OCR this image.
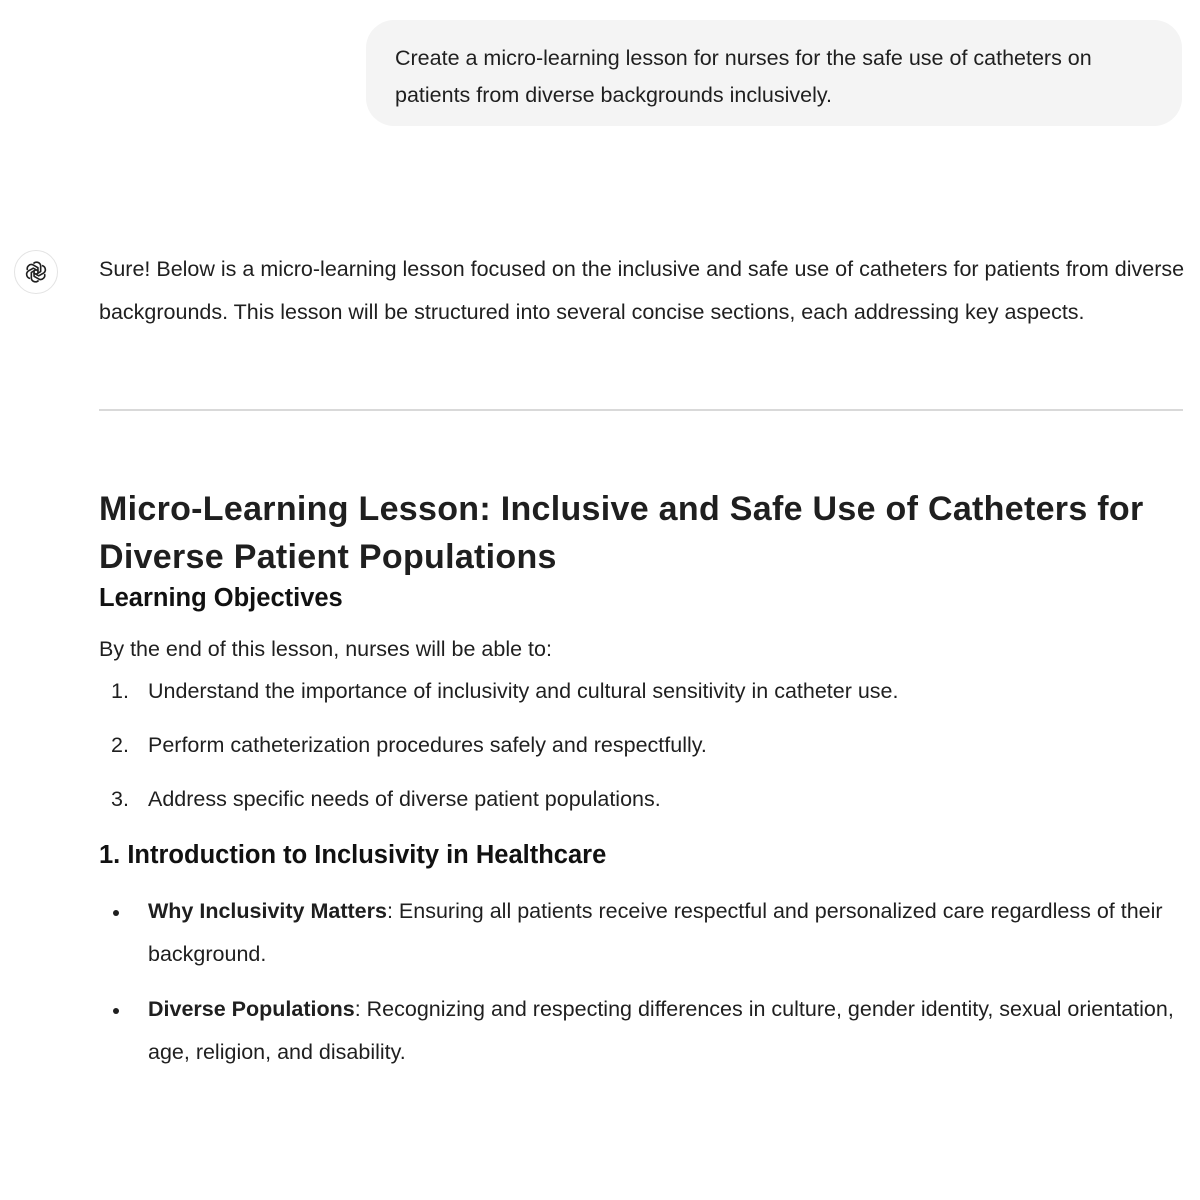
Create a micro-learning lesson for nurses for the safe use of catheters on patients from diverse backgrounds inclusively.

Sure! Below is a micro-learning lesson focused on the inclusive and safe use of catheters for patients from diverse backgrounds. This lesson will be structured into several concise sections, each addressing key aspects.

Micro-Learning Lesson: Inclusive and Safe Use of Catheters for Diverse Patient Populations
Learning Objectives

By the end of this lesson, nurses will be able to:

1. Understand the importance of inclusivity and cultural sensitivity in catheter use.
2. Perform catheterization procedures safely and respectfully.
3. Address specific needs of diverse patient populations.
1. Introduction to Inclusivity in Healthcare
Why Inclusivity Matters: Ensuring all patients receive respectful and personalized care regardless of their background.
Diverse Populations: Recognizing and respecting differences in culture, gender identity, sexual orientation, age, religion, and disability.
